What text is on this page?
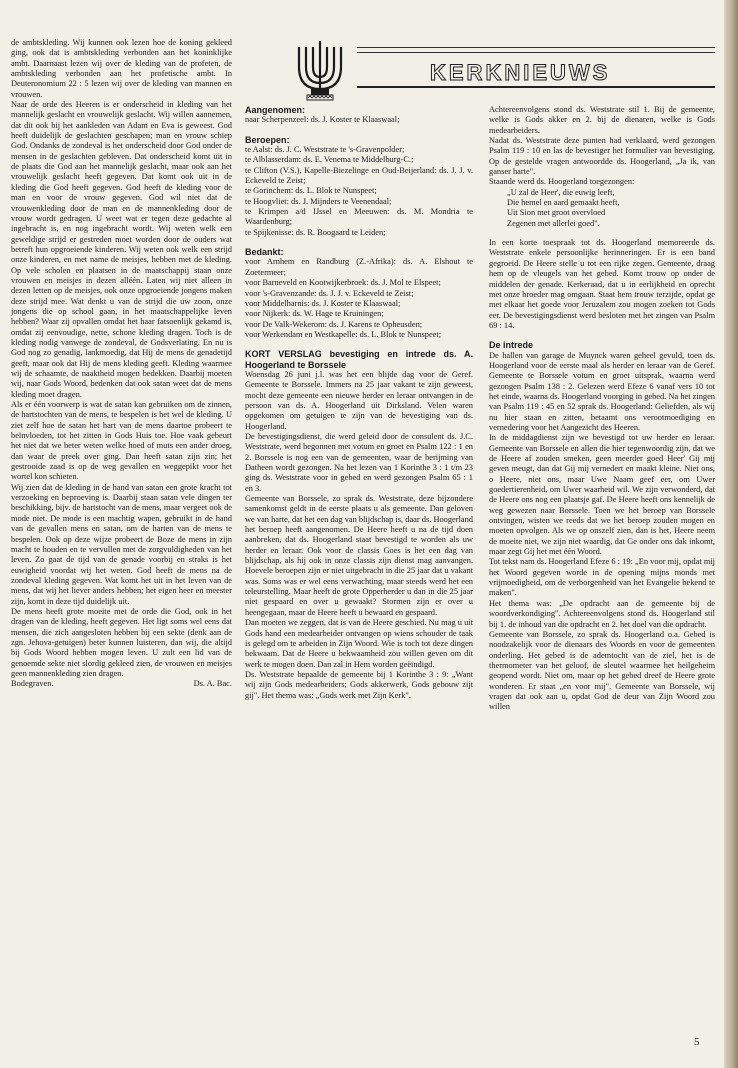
KERKNIEUWS

de ambtskleding. Wij kunnen ook lezen hoe de koning gekleed ging, ook dat is ambtskleding verbonden aan het koninklijke ambt. Daarnaast lezen wij over de kleding van de profeten, de ambtskleding verbonden aan het profetische ambt. In Deuteronomium 22 : 5 lezen wij over de kleding van mannen en vrouwen.

Naar de orde des Heeren is er onderscheid in kleding van het mannelijk geslacht en vrouwelijk geslacht. Wij willen aannemen, dat dit ook bij het aankleden van Adam en Eva is geweest. God heeft duidelijk de geslachten geschapen; man en vrouw schiep God. Ondanks de zondeval is het onderscheid door God onder de mensen in de geslachten gebleven. Dat onderscheid komt uit in de plaats die God aan het mannelijk geslacht, maar ook aan het vrouwelijk geslacht heeft gegeven. Dat komt ook uit in de kleding die God heeft gegeven. God heeft de kleding voor de man en voor de vrouw gegeven. God wil niet dat de vrouwenkleding door de man en de mannenkleding door de vrouw wordt gedragen. U weet wat er tegen deze gedachte al ingebracht is, en nog ingebracht wordt. Wij weten welk een geweldige strijd er gestreden moet worden door de ouders wat betreft hun opgroeiende kinderen. Wij weten ook welk een strijd onze kinderen, en met name de meisjes, hebben met de kleding. Op vele scholen en plaatsen in de maatschappij staan onze vrouwen en meisjes in dezen alléén. Laten wij niet alleen in dezen letten op de meisjes, ook onze opgroeiende jongens maken deze strijd mee. Wat denkt u van de strijd die uw zoon, onze jongens die op school gaan, in het maatschappelijke leven hebben? Waar zij opvallen omdat het haar fatsoenlijk gekamd is, omdat zij eenvoudige, nette, schone kleding dragen. Toch is de kleding nodig vanwege de zondeval, de Godsverlating. En nu is God nog zo genadig, lankmoedig, dat Hij de mens de genadetijd geeft, maar ook dat Hij de mens kleding geeft. Kleding waarmee wij de schaamte, de naaktheid mogen bedekken. Daarbij moeten wij, naar Gods Woord, bedenken dat ook satan weet dat de mens kleding moet dragen.

Als er één voorwerp is wat de satan kan gebruiken om de zinnen, de hartstochten van de mens, te bespelen is het wel de kleding. U ziet zelf hoe de satan het hart van de mens daartoe probeert te beïnvloeden, tot het zitten in Gods Huis toe. Hoe vaak gebeurt het niet dat we beter weten welke hoed of muts een ander droeg, dan waar de preek over ging. Dan heeft satan zijn zin; het gestrooide zaad is op de weg gevallen en weggepikt voor het wortel kon schieten.

Wij zien dat de kleding in de hand van satan een grote kracht tot verzoeking en beproeving is. Daarbij staan satan vele dingen ter beschikking, bijv. de hartstocht van de mens, maar vergeet ook de mode niet. De mode is een machtig wapen, gebruikt in de hand van de gevallen mens en satan, om de harten van de mens te bespelen. Ook op deze wijze probeert de Boze de mens in zijn macht te houden en te vervullen met de zorgvuldigheden van het leven. Zo gaat de tijd van de genade voorbij en straks is het euwigheid voordat wij het weten. God heeft de mens na de zondeval kleding gegeven. Wat komt het uit in het leven van de mens, dat wij het liever anders hebben; het eigen heer en meester zijn, komt in deze tijd duidelijk uit.

De mens heeft grote moeite met de orde die God, ook in het dragen van de kleding, heeft gegeven. Het ligt soms wel eens dat mensen, die zich aangesloten hebben bij een sekte (denk aan de zgn. Jehova-getuigen) beter kunnen luisteren, dan wij, die altijd bij Gods Woord hebben mogen leven. U zult een lid van de genoemde sekte niet slordig gekleed zien, de vrouwen en meisjes geen mannenkleding zien dragen.

Bodegraven.	Ds. A. Bac.

Aangenomen:

naar Scherpenzeel: ds. J. Koster te Klaaswaal;

Beroepen:

te Aalst: ds. J. C. Weststrate te 's-Gravenpolder;

te Alblasserdam: ds. E. Venema te Middelburg-C.;

te Clifton (V.S.), Kapelle-Biezelinge en Oud-Beijerland: ds. J. J. v. Eckeveld te Zeist;

te Gorinchem: ds. L. Blok te Nunspeet;

te Hoogvliet: ds. J. Mijnders te Veenendaal;

te Krimpen a/d IJssel en Meeuwen: ds. M. Mondria te Waardenburg;

te Spijkenisse: ds. R. Boogaard te Leiden;

Bedankt:

voor Arnhem en Randburg (Z.-Afrika): ds. A. Elshout te Zoetermeer;

voor Barneveld en Kootwijkerbroek: ds. J. Mol te Elspeet;

voor 's-Gravenzande: ds. J. J. v. Eckeveld te Zeist;

voor Middelharnis: ds. J. Koster te Klaaswaal;

voor Nijkerk: ds. W. Hage te Kruiningen;

voor De Valk-Wekerom: ds. J. Karens te Opheusden;

voor Werkendam en Westkapelle: ds. L. Blok te Nunspeet;

KORT VERSLAG bevestiging en intrede ds. A. Hoogerland te Borssele

Woensdag 26 juni j.l. was het een blijde dag voor de Geref. Gemeente te Borssele. Immers na 25 jaar vakant te zijn geweest, mocht deze gemeente een nieuwe herder en leraar ontvangen in de persoon van ds. A. Hoogerland uit Dirksland. Velen waren opgekomen om getuigen te zijn van de bevestiging van ds. Hoogerland.

De bevestigingsdienst, die werd geleid door de consulent ds. J.C. Weststrate, werd begonnen met votum en groet en Psalm 122 : 1 en 2. Borssele is nog een van de gemeenten, waar de berijming van Datheen wordt gezongen. Na het lezen van 1 Korinthe 3 : 1 t/m 23 ging ds. Weststrate voor in gebed en werd gezongen Psalm 65 : 1 en 3.

Gemeente van Borssele, zo sprak ds. Weststrate, deze bijzondere samenkomst geldt in de eerste plaats u als gemeente. Dan geloven we van harte, dat het een dag van blijdschap is, daar ds. Hoogerland het beroep heeft aangenomen. De Heere heeft u na de tijd doen aanbreken, dat ds. Hoogerland staat bevestigd te worden als uw herder en leraar. Ook voor de classis Goes is het een dag van blijdschap, als hij ook in onze classis zijn dienst mag aanvangen. Hoevele beroepen zijn er niet uitgebracht in die 25 jaar dat u vakant was. Soms was er wel eens verwachting, maar steeds werd het een teleurstelling. Maar heeft de grote Opperherder u dan in die 25 jaar niet gespaard en over u gewaakt? Stormen zijn er over u heengegaan, maar de Heere heeft u bewaard en gespaard.

Dan moeten we zeggen, dat is van de Heere geschied. Nu mag u uit Gods hand een medearbeider ontvangen op wiens schouder de taak is gelegd om te arbeiden in Zijn Woord. Wie is toch tot deze dingen bekwaam. Dat de Heere u bekwaamheid zou willen geven om dit werk te mogen doen. Dan zal in Hem worden geëindigd.

Ds. Weststrate bepaalde de gemeente bij 1 Korinthe 3 : 9: „Want wij zijn Gods medearbeiders; Gods akkerwerk, Gods gebouw zijt gij". Het thema was: „Gods werk met Zijn Kerk".

Achtereenvolgens stond ds. Weststrate stil 1. Bij de gemeente, welke is Gods akker en 2. bij de dienaren, welke is Gods medearbeiders.

Nadat ds. Weststrate deze punten had verklaard, werd gezongen Psalm 119 : 10 en las de bevestiger het formulier van bevestiging. Op de gestelde vragen antwoordde ds. Hoogerland, „Ja ik, van ganser harte".

Staande werd ds. Hoogerland toegezongen:

„U zal de Heer', die euwig leeft,

Die hemel en aard gemaakt heeft,

Uit Sion met groot overvloed

Zegenen met allerlei goed".

In een korte toespraak tot ds. Hoogerland memoreerde ds. Weststrate enkele persoonlijke herinneringen. Er is een band gegroeid. De Heere stelle u tot een rijke zegen. Gemeente, draag hem op de vleugels van het gebed. Komt trouw op onder de middelen der genade. Kerkeraad, dat u in eerlijkheid en oprecht met onze broeder mag omgaan. Staat hem trouw terzijde, opdat ge met elkaar het goede voor Jeruzalem zou mogen zoeken tot Gods eer. De bevestigingsdienst werd besloten met het zingen van Psalm 69 : 14.

De intrede

De hallen van garage de Muynck waren geheel gevuld, toen ds. Hoogerland voor de eerste maal als herder en leraar van de Geref. Gemeente te Borssele votum en groet uitsprak, waarna werd gezongen Psalm 138 : 2. Gelezen werd Efeze 6 vanaf vers 10 tot het einde, waarna ds. Hoogerland voorging in gebed. Na het zingen van Psalm 119 : 45 en 52 sprak ds. Hoogerland: Geliefden, als wij nu hier staan en zitten, betaamt ons verootmoediging en vernedering voor het Aangezicht des Heeren.

In de middagdienst zijn we bevestigd tot uw herder en leraar. Gemeente van Borssele en allen die hier tegenwoordig zijn, dat we de Heere af zouden smeken, geen meerder goed Heer' Gij mij geven meugt, dan dat Gij mij vernedert en maakt kleine. Niet ons, o Heere, niet ons, maar Uwe Naam geef eer, om Uwer goedertierenheid, om Uwer waarheid wil. We zijn verwonderd, dat de Heere ons nog een plaatsje gaf. De Heere heeft ons kennelijk de weg gewezen naar Borssele. Toen we het beroep van Borssele ontvingen, wisten we reeds dat we het beroep zouden mogen en moeten opvolgen. Als we op onszelf zien, dan is het, Heere neem de moeite niet, we zijn niet waardig, dat Ge onder ons dak inkomt, maar zegt Gij het met één Woord.

Tot tekst nam ds. Hoogerland Efeze 6 : 19: „En voor mij, opdat mij het Woord gegeven worde in de opening mijns monds met vrijmoedigheid, om de verborgenheid van het Evangelie bekend te maken".

Het thema was: „De opdracht aan de gemeente bij de woordverkondiging". Achtereenvolgens stond ds. Hoogerland stil bij 1. de inhoud van die opdracht en 2. het doel van die opdracht.

Gemeente van Borssele, zo sprak ds. Hoogerland o.a. Gebed is noodzakelijk voor de dienaars des Woords en voor de gemeenten onderling. Het gebed is de ademtocht van de ziel, het is de thermometer van het geloof, de sleutel waarmee het heilgeheim geopend wordt. Niet om, maar op het gebed dreef de Heere grote wonderen. Er staat „en voor mij". Gemeente van Borssele, wij vragen dat ook aan u, opdat God de deur van Zijn Woord zou willen

5
